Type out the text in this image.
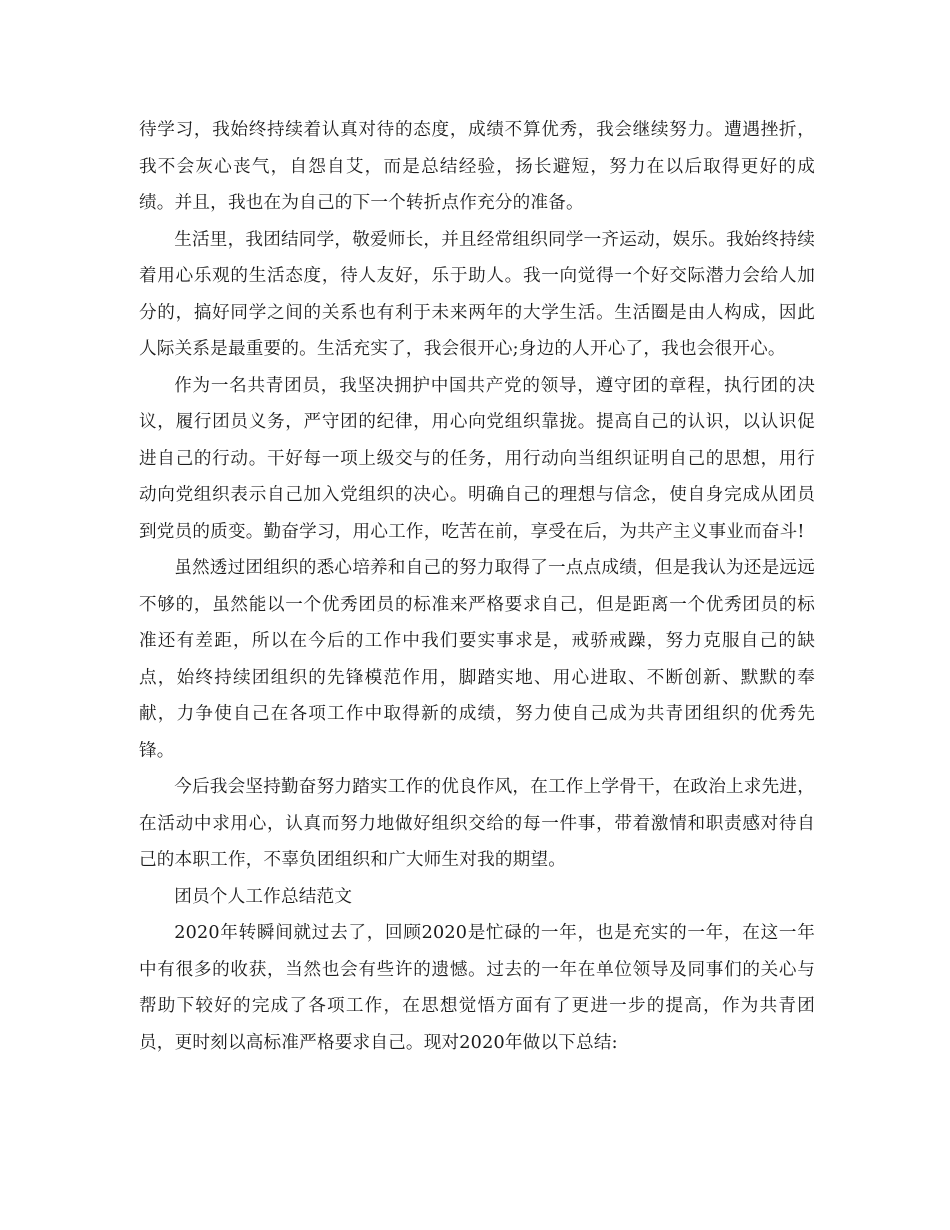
待学习，我始终持续着认真对待的态度，成绩不算优秀，我会继续努力。遭遇挫折，我不会灰心丧气，自怨自艾，而是总结经验，扬长避短，努力在以后取得更好的成绩。并且，我也在为自己的下一个转折点作充分的准备。

生活里，我团结同学，敬爱师长，并且经常组织同学一齐运动，娱乐。我始终持续着用心乐观的生活态度，待人友好，乐于助人。我一向觉得一个好交际潜力会给人加分的，搞好同学之间的关系也有利于未来两年的大学生活。生活圈是由人构成，因此人际关系是最重要的。生活充实了，我会很开心;身边的人开心了，我也会很开心。

作为一名共青团员，我坚决拥护中国共产党的领导，遵守团的章程，执行团的决议，履行团员义务，严守团的纪律，用心向党组织靠拢。提高自己的认识，以认识促进自己的行动。干好每一项上级交与的任务，用行动向当组织证明自己的思想，用行动向党组织表示自己加入党组织的决心。明确自己的理想与信念，使自身完成从团员到党员的质变。勤奋学习，用心工作，吃苦在前，享受在后，为共产主义事业而奋斗!

虽然透过团组织的悉心培养和自己的努力取得了一点点成绩，但是我认为还是远远不够的，虽然能以一个优秀团员的标准来严格要求自己，但是距离一个优秀团员的标准还有差距，所以在今后的工作中我们要实事求是，戒骄戒躁，努力克服自己的缺点，始终持续团组织的先锋模范作用，脚踏实地、用心进取、不断创新、默默的奉献，力争使自己在各项工作中取得新的成绩，努力使自己成为共青团组织的优秀先锋。

今后我会坚持勤奋努力踏实工作的优良作风，在工作上学骨干，在政治上求先进，在活动中求用心，认真而努力地做好组织交给的每一件事，带着激情和职责感对待自己的本职工作，不辜负团组织和广大师生对我的期望。

团员个人工作总结范文

2020年转瞬间就过去了，回顾2020是忙碌的一年，也是充实的一年，在这一年中有很多的收获，当然也会有些许的遗憾。过去的一年在单位领导及同事们的关心与帮助下较好的完成了各项工作，在思想觉悟方面有了更进一步的提高，作为共青团员，更时刻以高标准严格要求自己。现对2020年做以下总结:
